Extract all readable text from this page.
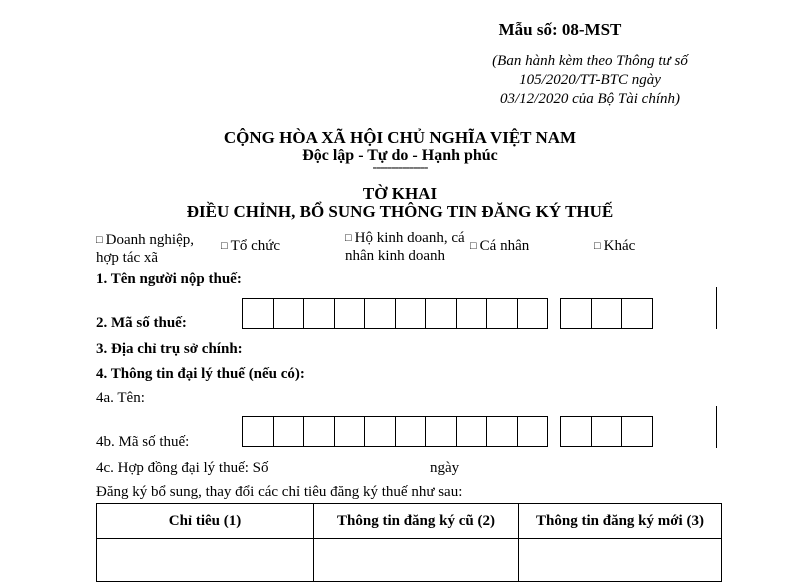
Mẫu số: 08-MST
(Ban hành kèm theo Thông tư số
105/2020/TT-BTC ngày
03/12/2020 của Bộ Tài chính)
CỘNG HÒA XÃ HỘI CHỦ NGHĨA VIỆT NAM
Độc lập - Tự do - Hạnh phúc
---------------
TỜ KHAI
ĐIỀU CHỈNH, BỔ SUNG THÔNG TIN ĐĂNG KÝ THUẾ
□ Doanh nghiệp,
hợp tác xã
□ Tổ chức	□ Hộ kinh doanh, cá
nhân kinh doanh
□ Cá nhân	□ Khác
1. Tên người nộp thuế:
2. Mã số thuế:
3. Địa chỉ trụ sở chính:
4. Thông tin đại lý thuế (nếu có):
4a. Tên:
4b. Mã số thuế:
4c. Hợp đồng đại lý thuế: Số	ngày
Đăng ký bổ sung, thay đổi các chỉ tiêu đăng ký thuế như sau:
Chỉ tiêu (1)	Thông tin đăng ký cũ (2)	Thông tin đăng ký mới (3)
